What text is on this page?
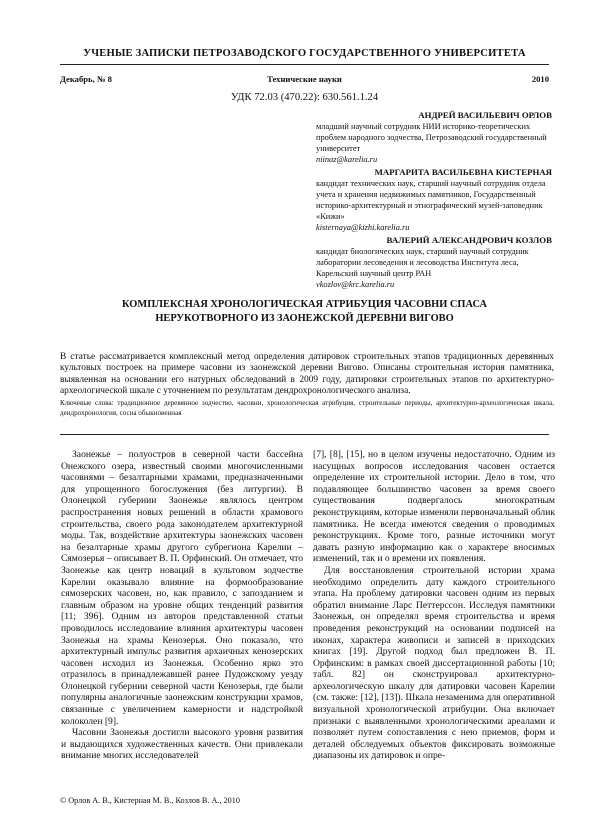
УЧЕНЫЕ ЗАПИСКИ ПЕТРОЗАВОДСКОГО ГОСУДАРСТВЕННОГО УНИВЕРСИТЕТА
Декабрь, № 8	Технические науки	2010
УДК 72.03 (470.22): 630.561.1.24
АНДРЕЙ ВАСИЛЬЕВИЧ ОРЛОВ
младший научный сотрудник НИИ историко-теоретических проблем народного зодчества, Петрозаводский государственный университет
niinaz@karelia.ru
МАРГАРИТА ВАСИЛЬЕВНА КИСТЕРНАЯ
кандидат технических наук, старший научный сотрудник отдела учета и хранения недвижимых памятников, Государственный историко-архитектурный и этнографический музей-заповедник «Кижи»
kisternaya@kizhi.karelia.ru
ВАЛЕРИЙ АЛЕКСАНДРОВИЧ КОЗЛОВ
кандидат биологических наук, старший научный сотрудник лаборатории лесоведения и лесоводства Института леса, Карельский научный центр РАН
vkozlov@krc.karelia.ru
КОМПЛЕКСНАЯ ХРОНОЛОГИЧЕСКАЯ АТРИБУЦИЯ ЧАСОВНИ СПАСА НЕРУКОТВОРНОГО ИЗ ЗАОНЕЖСКОЙ ДЕРЕВНИ ВИГОВО
В статье рассматривается комплексный метод определения датировок строительных этапов традиционных деревянных культовых построек на примере часовни из заонежской деревни Вигово. Описаны строительная история памятника, выявленная на основании его натурных обследований в 2009 году, датировки строительных этапов по архитектурно-археологической шкале с уточнением по результатам дендрохронологического анализа.
Ключевые слова: традиционное деревянное зодчество, часовни, хронологическая атрибуция, строительные периоды, архитектурно-археологическая шкала, дендрохронология, сосна обыкновенная

Заонежье – полуостров в северной части бассейна Онежского озера, известный своими многочисленными часовнями – безалтарными храмами, предназначенными для упрощенного богослужения (без литургии). В Олонецкой губернии Заонежье являлось центром распространения новых решений в области храмового строительства, своего рода законодателем архитектурной моды. Так, воздействие архитектуры заонежских часовен на безалтарные храмы другого субрегиона Карелии – Сямозерья – описывает В. П. Орфинский. Он отмечает, что Заонежье как центр новаций в культовом зодчестве Карелии оказывало влияние на формообразование сямозерских часовен, но, как правило, с запозданием и главным образом на уровне общих тенденций развития [11; 396]. Одним из авторов представленной статьи проводилось исследование влияния архитектуры часовен Заонежья на храмы Кенозерья. Оно показало, что архитектурный импульс развития архаичных кенозерских часовен исходил из Заонежья. Особенно ярко это отразилось в принадлежавшей ранее Пудожскому уезду Олонецкой губернии северной части Кенозерья, где были популярны аналогичные заонежским конструкции храмов, связанные с увеличением камерности и надстройкой колоколен [9].

Часовни Заонежья достигли высокого уровня развития и выдающихся художественных качеств. Они привлекали внимание многих исследователей

[7], [8], [15], но в целом изучены недостаточно. Одним из насущных вопросов исследования часовен остается определение их строительной истории. Дело в том, что подавляющее большинство часовен за время своего существования подвергалось многократным реконструкциям, которые изменяли первоначальный облик памятника. Не всегда имеются сведения о проводимых реконструкциях. Кроме того, разные источники могут давать разную информацию как о характере вносимых изменений, так и о времени их появления.

Для восстановления строительной истории храма необходимо определить дату каждого строительного этапа. На проблему датировки часовен одним из первых обратил внимание Ларс Петтерссон. Исследуя памятники Заонежья, он определял время строительства и время проведения реконструкций на основании подписей на иконах, характера живописи и записей в приходских книгах [19]. Другой подход был предложен В. П. Орфинским: в рамках своей диссертационной работы [10; табл. 82] он сконструировал архитектурно-археологическую шкалу для датировки часовен Карелии (см. также: [12], [13]). Шкала незаменима для оперативной визуальной хронологической атрибуции. Она включает признаки с выявленными хронологическими ареалами и позволяет путем сопоставления с нею приемов, форм и деталей обследуемых объектов фиксировать возможные диапазоны их датировок и опре-

© Орлов А. В., Кистерная М. В., Козлов В. А., 2010
